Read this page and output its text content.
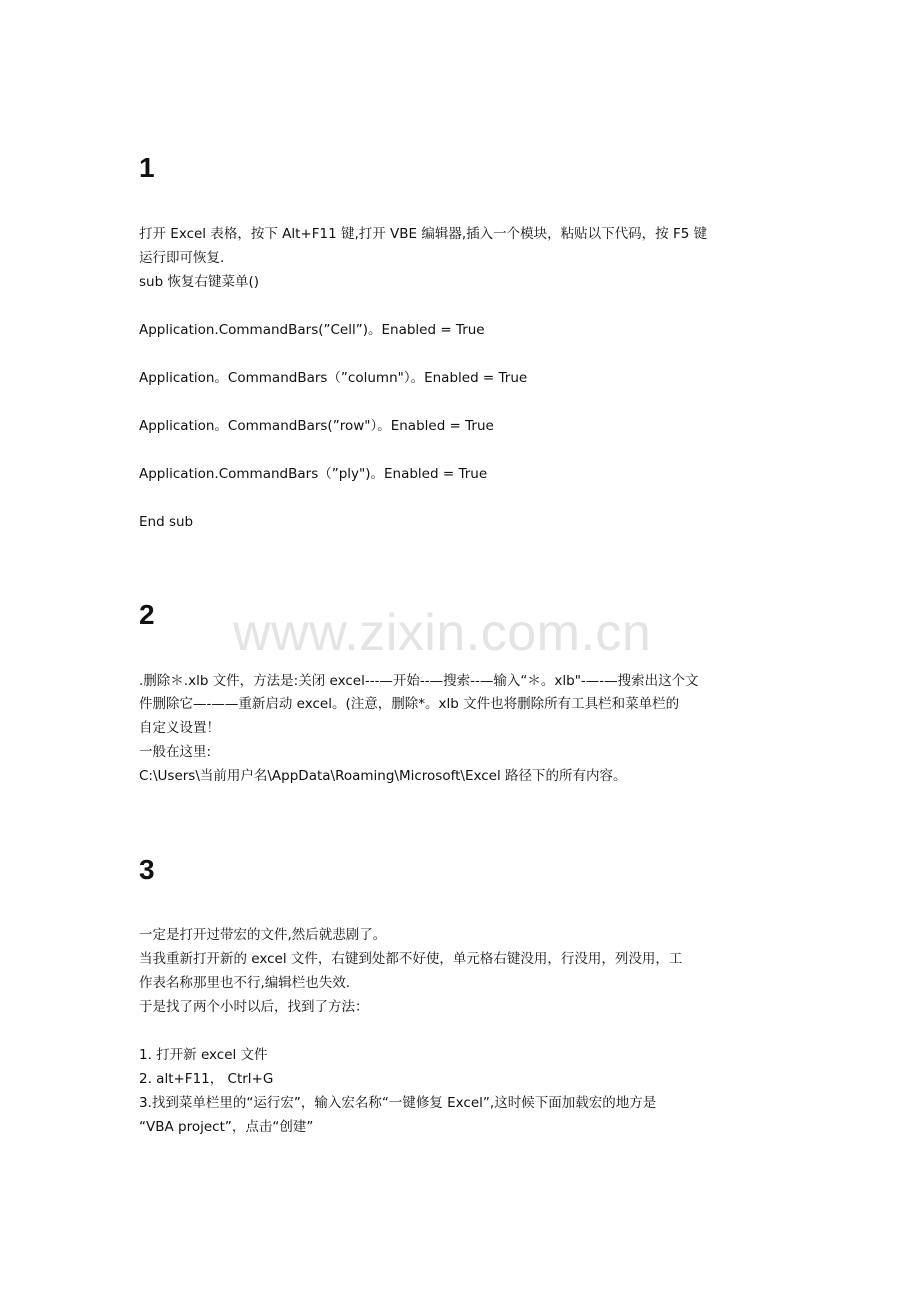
www.zixin.com.cn
1
打开 Excel 表格，按下 Alt+F11 键,打开 VBE 编辑器,插入一个模块，粘贴以下代码，按 F5 键
运行即可恢复.
sub 恢复右键菜单()
Application.CommandBars(”Cell”)。Enabled = True
Application。CommandBars（”column"）。Enabled = True
Application。CommandBars(”row"）。Enabled = True
Application.CommandBars（”ply")。Enabled = True
End sub
2
.删除＊.xlb 文件，方法是:关闭 excel---—开始--—搜索--—输入“＊。xlb"-—-—搜索出这个文
件删除它—-——重新启动 excel。(注意，删除*。xlb 文件也将删除所有工具栏和菜单栏的
自定义设置！
一般在这里:
C:\Users\当前用户名\AppData\Roaming\Microsoft\Excel 路径下的所有内容。
3
一定是打开过带宏的文件,然后就悲剧了。
当我重新打开新的 excel 文件，右键到处都不好使，单元格右键没用，行没用，列没用，工
作表名称那里也不行,编辑栏也失效.
于是找了两个小时以后，找到了方法：
1. 打开新 excel 文件
2. alt+F11， Ctrl+G
3.找到菜单栏里的“运行宏”，输入宏名称“一键修复 Excel”,这时候下面加载宏的地方是
“VBA project”，点击“创建”
